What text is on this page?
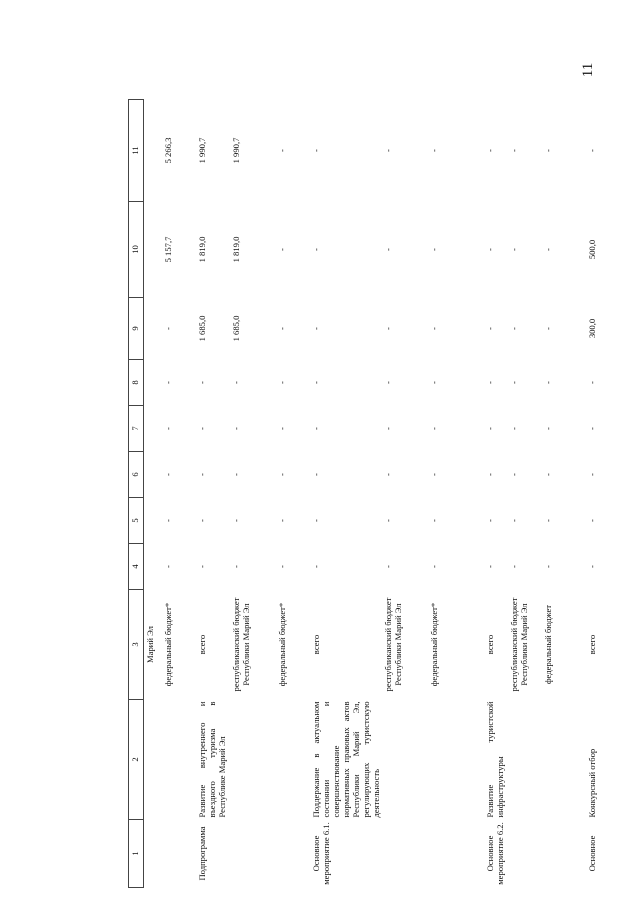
11
1	2	3	4	5	6	7	8	9	10	11
		Марий Эл								
		федеральный бюджет*	-	-	-	-	-	-	5 157,7	5 266,3
Подпрограмма	Развитие внутреннего и въездного туризма в Республике Марий Эл	всего	-	-	-	-	-	1 685,0	1 819,0	1 990,7
		республиканский бюджет Республики Марий Эл	-	-	-	-	-	1 685,0	1 819,0	1 990,7
		федеральный бюджет*	-	-	-	-	-	-	-	-
Основное мероприятие 6.1.	Поддержание в актуальном состоянии и совершенствование нормативных правовых актов Республики Марий Эл, регулирующих туристскую деятельность	всего	-	-	-	-	-	-	-	-
		республиканский бюджет Республики Марий Эл	-	-	-	-	-	-	-	-
		федеральный бюджет*	-	-	-	-	-	-	-	-
Основное мероприятие 6.2.	Развитие туристской инфраструктуры	всего	-	-	-	-	-	-	-	-
		республиканский бюджет Республики Марий Эл	-	-	-	-	-	-	-	-
		федеральный бюджет	-	-	-	-	-	-	-	-
Основное	Конкурсный отбор	всего	-	-	-	-	-	300,0	500,0	-
